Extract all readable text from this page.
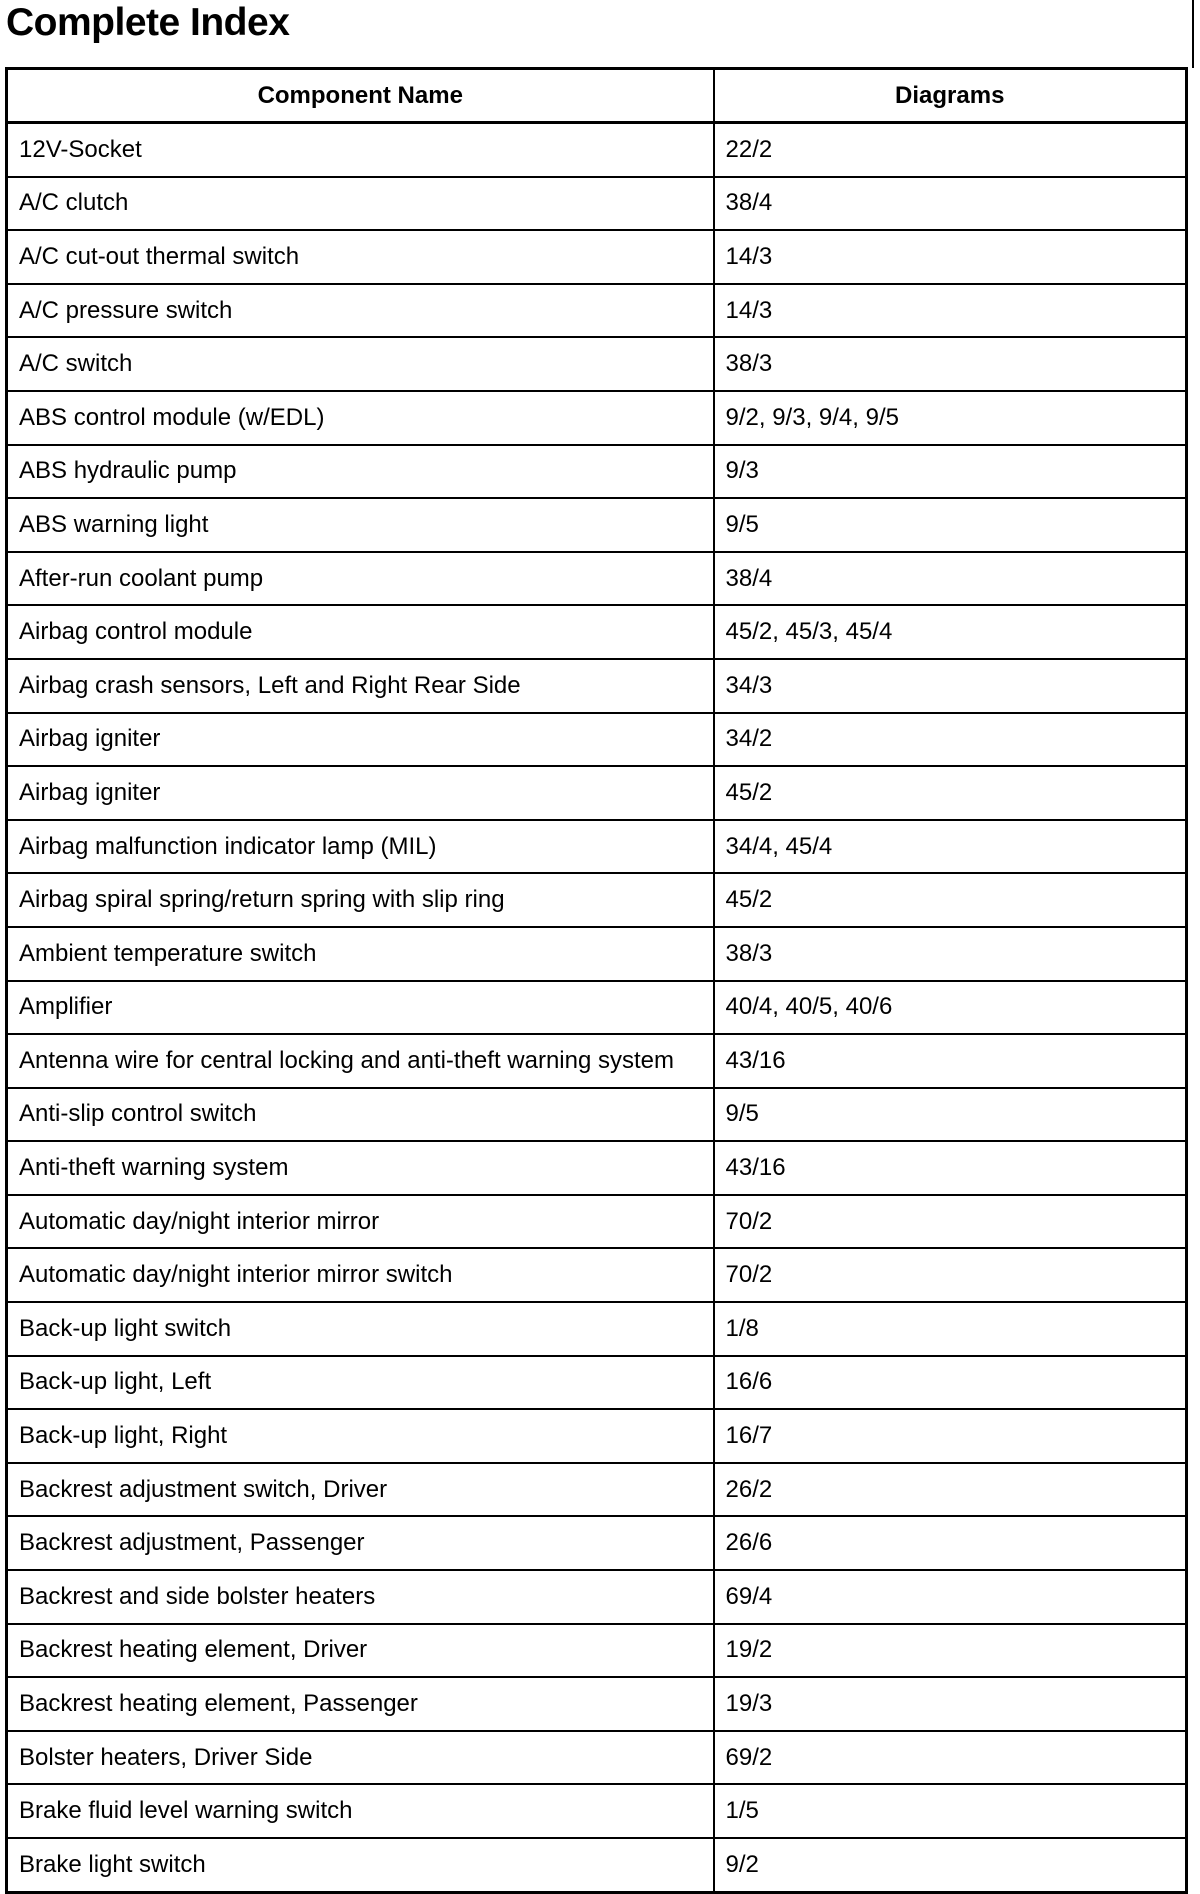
Complete Index
Component Name	Diagrams
12V-Socket	22/2
A/C clutch	38/4
A/C cut-out thermal switch	14/3
A/C pressure switch	14/3
A/C switch	38/3
ABS control module (w/EDL)	9/2, 9/3, 9/4, 9/5
ABS hydraulic pump	9/3
ABS warning light	9/5
After-run coolant pump	38/4
Airbag control module	45/2, 45/3, 45/4
Airbag crash sensors, Left and Right Rear Side	34/3
Airbag igniter	34/2
Airbag igniter	45/2
Airbag malfunction indicator lamp (MIL)	34/4, 45/4
Airbag spiral spring/return spring with slip ring	45/2
Ambient temperature switch	38/3
Amplifier	40/4, 40/5, 40/6
Antenna wire for central locking and anti-theft warning system	43/16
Anti-slip control switch	9/5
Anti-theft warning system	43/16
Automatic day/night interior mirror	70/2
Automatic day/night interior mirror switch	70/2
Back-up light switch	1/8
Back-up light, Left	16/6
Back-up light, Right	16/7
Backrest adjustment switch, Driver	26/2
Backrest adjustment, Passenger	26/6
Backrest and side bolster heaters	69/4
Backrest heating element, Driver	19/2
Backrest heating element, Passenger	19/3
Bolster heaters, Driver Side	69/2
Brake fluid level warning switch	1/5
Brake light switch	9/2
